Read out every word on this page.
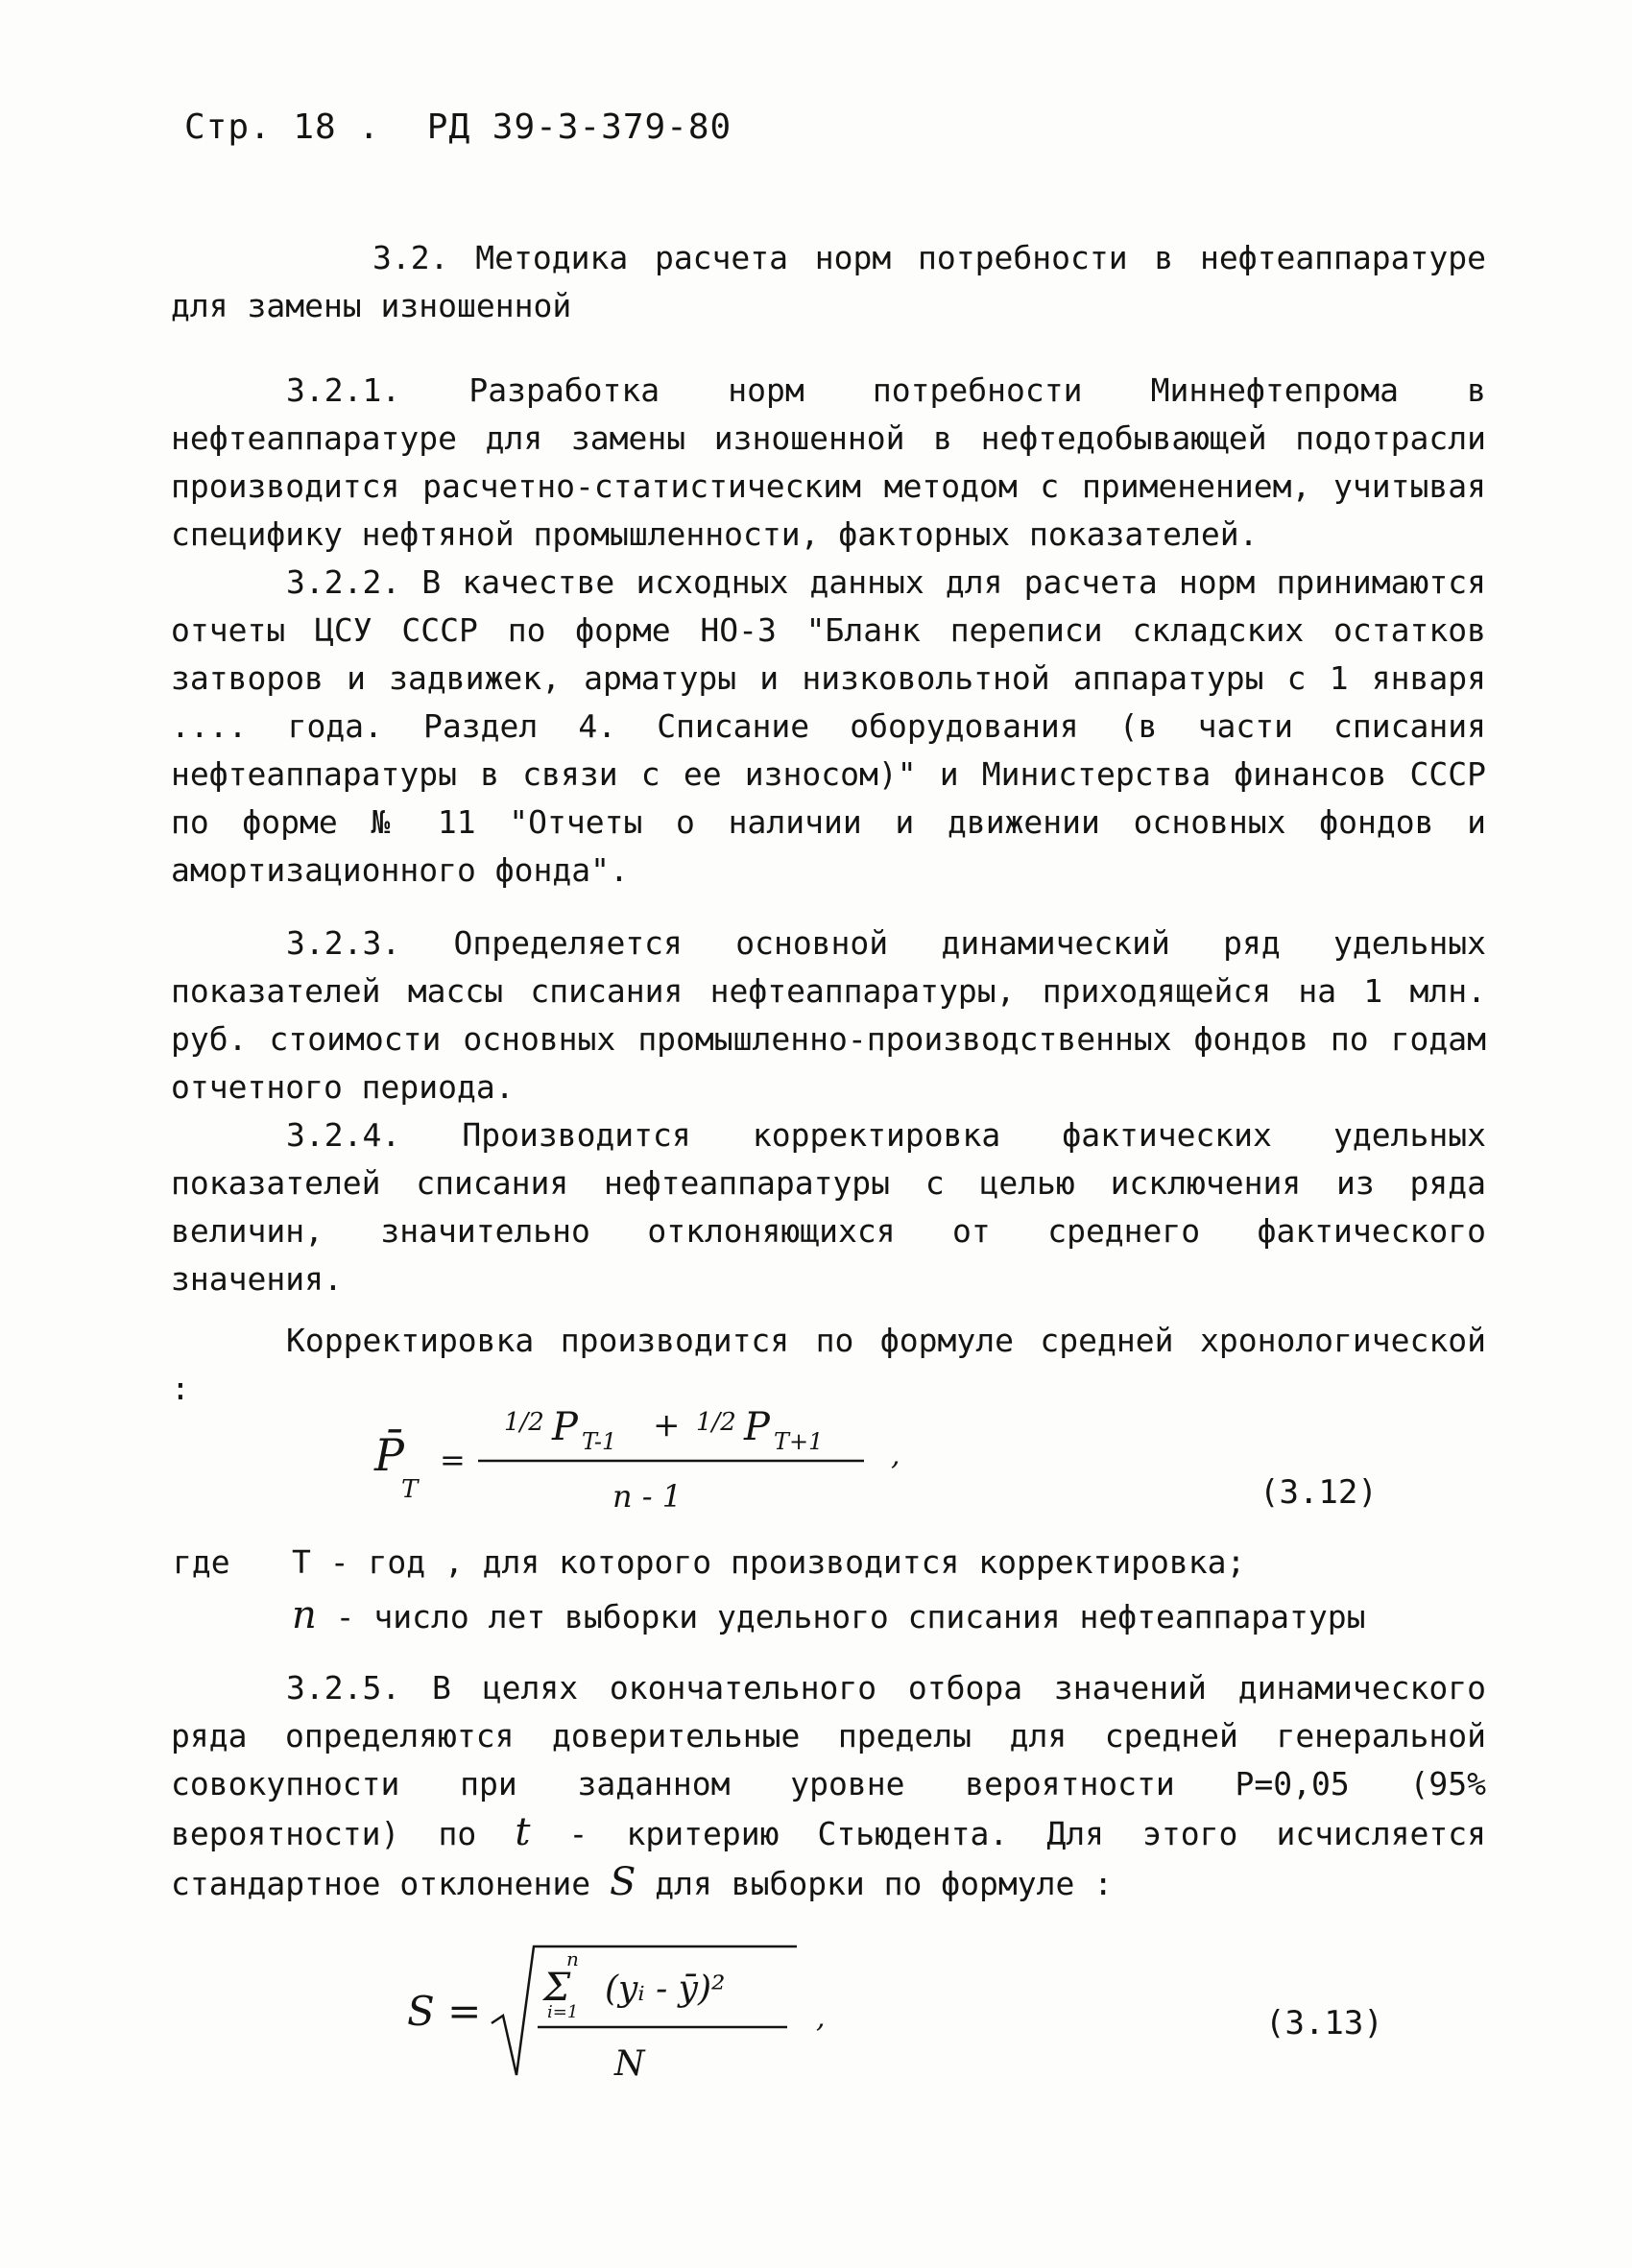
Стр. 18 . РД 39-3-379-80
3.2. Методика расчета норм потребности в нефтеаппаратуре для замены изношенной
3.2.1. Разработка норм потребности Миннефтепрома в нефтеаппаратуре для замены изношенной в нефтедобывающей подотрасли производится расчетно-статистическим методом с применением, учитывая специфику нефтяной промышленности, факторных показателей.
3.2.2. В качестве исходных данных для расчета норм принимаются отчеты ЦСУ СССР по форме НО-3 "Бланк переписи складских остатков затворов и задвижек, арматуры и низковольтной аппаратуры с 1 января .... года. Раздел 4. Списание оборудования (в части списания нефтеаппаратуры в связи с ее износом)" и Министерства финансов СССР по форме № 11 "Отчеты о наличии и движении основных фондов и амортизационного фонда".
3.2.3. Определяется основной динамический ряд удельных показателей массы списания нефтеаппаратуры, приходящейся на 1 млн. руб. стоимости основных промышленно-производственных фондов по годам отчетного периода.
3.2.4. Производится корректировка фактических удельных показателей списания нефтеаппаратуры с целью исключения из ряда величин, значительно отклоняющихся от среднего фактического значения.
Корректировка производится по формуле средней хронологической :
P̄
T
=
1/2 P T-1 + 1/2 P T+1
n - 1
,
(3.12)
где Т - год , для которого производится корректировка;
n - число лет выборки удельного списания нефтеаппаратуры
3.2.5. В целях окончательного отбора значений динамического ряда определяются доверительные пределы для средней генеральной совокупности при заданном уровне вероятности Р=0,05 (95% вероятности) по t - критерию Стьюдента. Для этого исчисляется стандартное отклонение S для выборки по формуле :
S =
n
Σ
i=1
(yᵢ - ȳ)²
N
,	(3.13)
